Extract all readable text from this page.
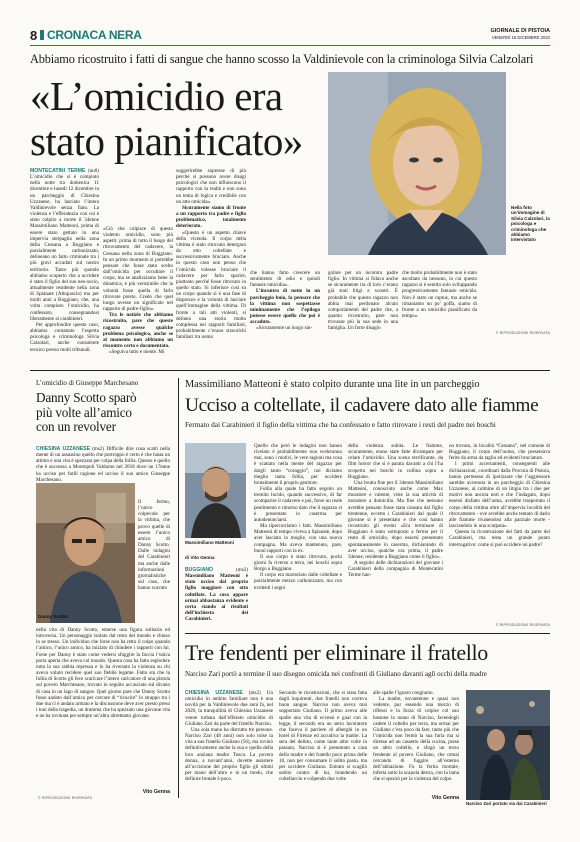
8 CRONACA NERA	GIORNALE DI PISTOIA
VENERDÌ 16 DICEMBRE 2022
Abbiamo ricostruito i fatti di sangue che hanno scosso la Valdinievole con la criminologa Silvia Calzolari
«L’omicidio era
stato pianificato»
Nella foto un’immagine di Silvia Calzolari, la psicologa e criminologa che abbiamo intervistato

MONTECATINI TERME (uu0) L’omicidio che si è compiuto nella notte tra domenica 11 dicembre e lunedì 12 dicembre in un parcheggio di Chiesina Uzzanese, ha lasciato l’intera Valdinievole senza fiato. La violenza e l’efferatezza con cui è stato colpito a morte il 34enne Massimiliano Matteoni, prima di essere stato gettato in una impervia sterpaglia nella zona della Cessana a Buggiano e parzialmente carbonizzato, delineano un fatto criminale tra i più gravi accaduti sul nostro territorio. Tanto più quando abbiamo scoperto che a uccidere è stato il figlio del suo neo-socio, attualmente residente nella zona di Spianate (Altopascio) ma per molti anni a Buggiano, che, una volta compiuto l’omicidio, ha confessato, consegnandosi liberamente ai carabinieri.

Per approfondire questo caso, abbiamo contattato l’esperta psicologa e criminologa Silvia Calzolari, anche consulente tecnico presso molti tribunali.

«Ciò che colpisce di questo violento omicidio, sono più aspetti: prima di tutto il luogo del ritrovamento del cadavere, la Cessana nella zona di Buggiano. In un primo momento si potrebbe pensare che fosse stato scelto dall’omicida per occultare il corpo, ma se analizziamo bene la dinamica, è più verosimile che la volontà fosse quella di farlo ritrovare presto. Credo che quel luogo avesse un significato nel rapporto di padre-figlio».

Tra le notizie che abbiamo ricostruito, pare che queste ragazzo avesse qualche problema psicologico, anche se al momento non abbiamo un riscontro certo e documentato.

«Seguiva tutto e niente. Mi

soggerirebbe sopresse di più perché si possono avere disagi psicologici che non influiscono il rapporto con la realtà e non sono un tema di logica e credibile con un atto omicida».

Sicuramente siamo di fronte a un rapporto tra padre e figlio problematico, totalmente deteriorato.

«Questo è un aspetto chiave della vicenda. Il corpo della vittima è stato ritrovato detergaro da otto coltellate e successivamente bruciato. Anche in questo caso non penso che l’omicida volesse bruciare il cadavere per farlo sparire, piuttosto perché fosse ritrovato in quello stato. Si inferisce così su un corpo quando si è una fase di disprezzo e la volontà di lasciare quell’immagine della vittima. Di fronte a tali atti violenti, si delinea una storia molto complessa nei rapporti familiari, probabilmente c’erano stracolchi familiari tra uomo

che hanno fatto crescere un sentimento di odio e quindi fantasie omicidia».

L’incontro di notte in un parcheggio buio, fa pensare che la vittima non sospettasse minimamente che l’epilogo potesse essere quello che poi è accaduto.

«Sicuramente un luogo sin-

golare per un incontro padre figlio. In vittima si fidava anche se sicuramente tra di loro c’erano già stati litigi e scontri. È probabile che questo ragazzo non abbia mai perdonato alcuni comportamenti del padre che, a quanto ricostruito, pare non trovasse più la sua sede in una famiglia. Un forte disagio

che molto probabilmente non è stato ascoltato da nessuno, in cui questo ragazzo si è sentito solo sviluppando progressivamente fantasie omicida. Non è stato un raptus, ma anche se rimaniamo un po’ goffa, siamo di fronte a un omicidio pianificato da tempo».

© RIPRODUZIONE RISERVATA
L’omicidio di Giuseppe Marchesano
Danny Scotto sparò
più volte all’amico
con un revolver

CHIESINA UZZANESE (ms2) Difficile dire cosa scatti nella mente di un assassino quello che purtroppo è certo è che basta un attimo e una vita è spezzata per colpa della follia. Questo è quello che è successo a Montopoli Valdarno nel 2018 dove un 17enne ha ucciso per futili ragione ed ucciso il suo amico Giuseppe Marchesano.

Danny Scotto

Il fermo, l’unico colpevole per la vittima, che provo quelle di essere l’unico amico di Danny Scotto. Dalle indagini del Carabinieri ma anche dalle informazioni giornalistiche sul caso, che hanno scavato

nella vita di Danny Scotto, emerse una figura solitaria ed introversa. Un personaggio isolato dal resto del mondo e chiuso in se stesso. Un individuo che forse non ha retto il colpo quando l’amico, l’unico amico, ha iniziato di chiudere i rapporti con lui. Forse per Danny è stato come vedersi sfuggire la faccia l’unica porta aperta che aveva col mondo. Questa cosa ha fatto esplodere tutta la sua rabbia repressa e lo ha riversato la violenza su chi aveva voluto recidere quel suo flebile legame. Fatto sta che la follia di Scotto gli fece scaricare l’intero caricatore di una pistola sul povero Marchesano, trovato in seguito accasciato sul divano di casa in un lago di sangue. Quel giorno pare che Danny Scotto fosse andato dall’amico per cercare di “ricucire” lo strappo tra i due ma ci è andato armato e la discussione deve aver presto preso i toni della tragedia, un dramma che ha spezzato una giovane vita e ne ha rovinata per sempre un’altra altrettanto giovane.

Vito Genna
© RIPRODUZIONE RISERVATA
Massimiliano Matteoni è stato colpito durante una lite in un parcheggio
Ucciso a coltellate, il cadavere dato alle fiamme
Fermato dai Carabinieri il figlio della vittima che ha confessato e fatto ritrovare i resti del padre nei boschi
Massimiliano Matteoni
di Vito Genna

BUGGIANO	(ms2) Massimiliano Matteoni è stato ucciso dal proprio figlio maggiore con otto coltellate. La cosa appare ormai abbastanza evidente e certa stando ai risultati dell’inchiesta dei Carabinieri.

Quello che però le indagini non hanno rivelato è probabilmente non sveleranno mai, sono i motivi, le vere ragioni ma cosa è scattato nella mente del ragazzo per dargli tanto “coraggio”, noi diciamo meglio tanta follia, per uccidere brutalmente il proprio genitore.

Follia alla quale ha fatto seguito un tremito lucido, quando successivo, di far scomparire il cadavere e poi, forse un reale pentimento e rimorso dato che il ragazzo si è presentato in caserma per autodenunciarsi.

Ma ripercorriamo i fatti. Massimiliano Matteoni di tempo viveva a Spianate, dopo aver lasciato la moglie, con una nuova compagna. Ma aveva mantenuto, pare, buoni rapporti con la ex.

Il suo corpo è stato ritrovato, pochi giorni fa riverso a terra, nei boschi sopra Borgo a Buggiano.

Il corpo era martoriato dalle coltellate e parzialmente mezzo carbonizzato, ma con evidenti i segni

della violenza subita. Le fiamme, sicuramente, erano state fatte divampare per celare l’omicidio. Una scena terrificante, da film horror che si è parata davanti a chi l’ha scoperta nei boschi in collina sopra a Buggiano.

Una brutta fine per il 34enne Massimiliano Matteoni, conosciuto anche come Max muratore e valente, viste la sua attività di muratore a domicilio. Ma fine che nessuno avrebbe pensato fosse stata causata dal figlio trentenne, eccetto i Carabinieri dal quale il giovane si è presentato e che così hanno ricostruito gli eventi «Era terminare di Buggiano è stato sottoposto a fermo per il reato di omicidio, dopo essersi presentato spontaneamente in caserma, dichiarando di aver ucciso, qualche ora prima, il padre 34enne, residente a Buggiano come il figlio».

A seguito delle dichiarazioni del giovane i Carabinieri della compagnia di Montecatini Terme han-

no trovato, in località “Cessana”, nel comune di Buggiano, il corpo dell’uomo, che presentava ferite da arma da taglio ed evidenti bruciature.

I primi accertamenti, conseguenti alle dichiarazioni, coordinati dalla Procura di Pistoia, hanno permesso di ipotizzare che l’aggressore sarebbe avvenuta in un parcheggio di Chiesina Uzzanese, al culmine di un litigio tra i due per motivi non ancora noti e che l’indagato, dopo essersi disfatto dell’arma, avrebbe trasportato il corpo della vittima oltre all’impervia località del ritrovamento - ove avrebbe anche tentato di darlo alle fiamme rivanendosi alla parziale morte - lasciandolo in una scarpata».

Questa la ricostruzione dei fatti da parte dei Carabinieri, ma resta un grande punto interrogativo: come si può uccidere un padre?

© RIPRODUZIONE RISERVATA
Tre fendenti per eliminare il fratello
Narciso Zari portò a termine il suo disegno omicida nei confronti di Giuliano davanti agli occhi della madre

CHIESINA UZZANESE (ms2) Un omicidio in ambito familiare non è una novità per la Valdinievole due anni fa, nel 2020, la tranquillità di Chiesina Uzzanese venne turbata dall’efferato omicidio di Giuliano Zari da parte del fratello Narciso.

Una sola mano ha distrutto tre persone. Narciso Zari (48 anni) non solo tolse la vita a suo fratello Giuliano (56), ma rovinò definitivamente anche la sua e quella della loro anziana madre Tosca. La povera donna, a novant’anni, dovette assistere all’uccisione del proprio figlio gli ultimi per mano dell’altro e in un modo, che definire brutale è poco.

Secondo le ricostruzioni, che si stata fatta dagli inquirenti, due fratelli non correva buon sangue. Narciso non aveva mai sopportato Giuliano. Il primo aveva alle spalle una vita di eccessi e guai con la legge, il secondo era un serio lavoratore che faceva il parriere di alberghi in un hotel di Firenze ed accudiva la madre. La sera del delitto, come tante altre volte in passato, Narciso si è presentato a casa della madre e del fratello poco prima delle 18, non per consumare il solito pasto, ma per uccidere Giuliano. Entrato si scagliò subito contro di lui, brandendo un coltellaccio e colpendo due volte

alle spalle l’ignaro congiunto.

La madre, novantenne e quasi non vedente, pur essendo una mezzo di riflessi e la forza di colpire col suo bastone la mano di Narciso, facendogli cadere il coltello per terra, ma ormai per Giuliano c’era poco da fare, tanto più che l’omicida non fermò la sua furia ma si diresse ad un cassetto della cucina, prese un altro coltello, e sfogò un terzo fendente al povero Giuliano, che ormai cercando di fuggire all’esterno dell’abitazione. Fu la ferita mortale, inferta sotto la scapola destra, con la lama che si spezzò per la violenza del colpo.

Vito Genna
Narciso Zari portato via dai Carabinieri
